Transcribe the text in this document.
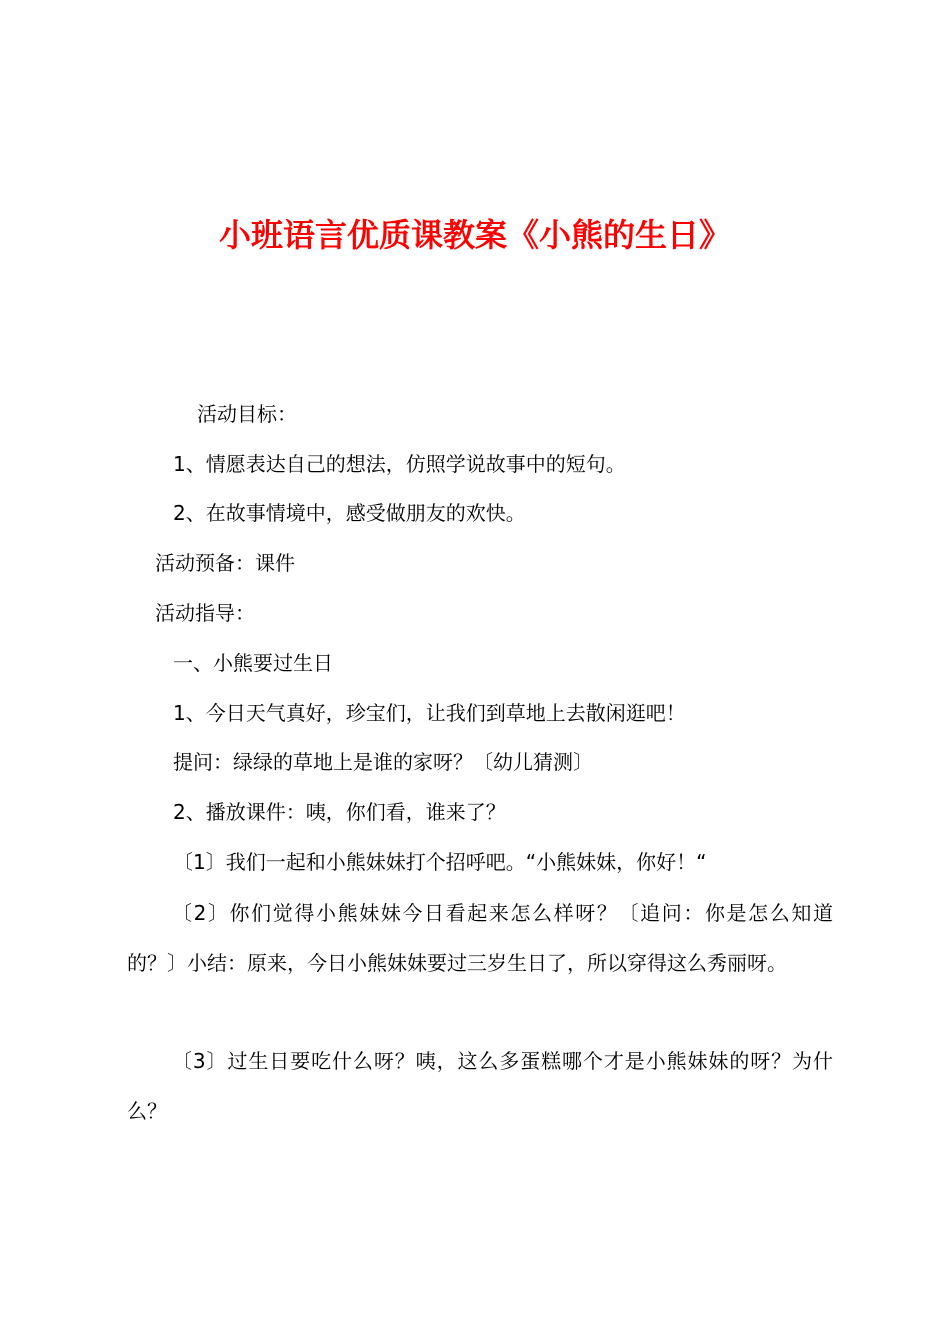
小班语言优质课教案《小熊的生日》
活动目标：
1、情愿表达自己的想法，仿照学说故事中的短句。
2、在故事情境中，感受做朋友的欢快。
活动预备：课件
活动指导：
一、小熊要过生日
1、今日天气真好，珍宝们，让我们到草地上去散闲逛吧！
提问：绿绿的草地上是谁的家呀？〔幼儿猜测〕
2、播放课件：咦，你们看，谁来了？
〔1〕我们一起和小熊妹妹打个招呼吧。“小熊妹妹，你好！“
〔2〕你们觉得小熊妹妹今日看起来怎么样呀？〔追问：你是怎么知道的？〕小结：原来，今日小熊妹妹要过三岁生日了，所以穿得这么秀丽呀。
〔3〕过生日要吃什么呀？咦，这么多蛋糕哪个才是小熊妹妹的呀？为什么？
